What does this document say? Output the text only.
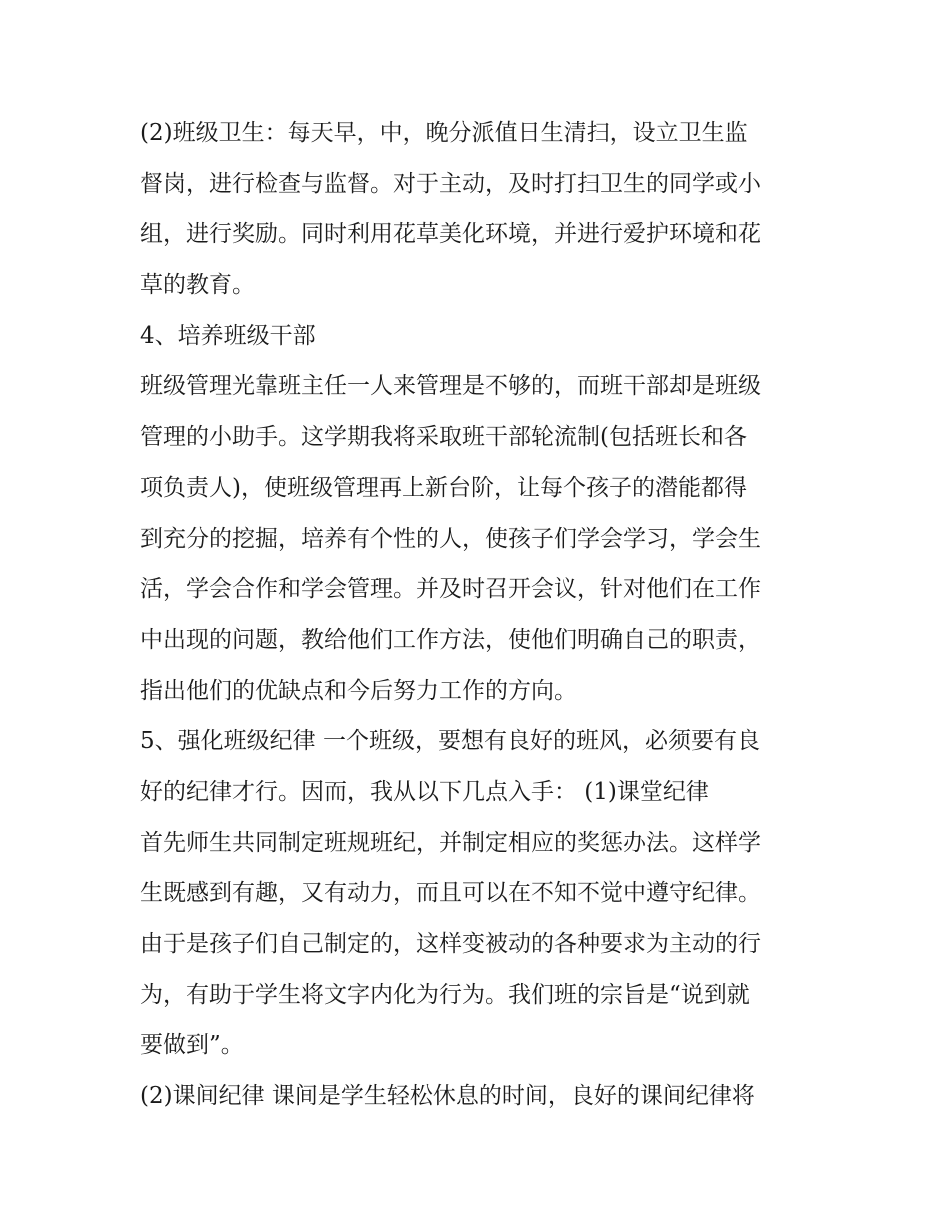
(2)班级卫生：每天早，中，晚分派值日生清扫，设立卫生监
督岗，进行检查与监督。对于主动，及时打扫卫生的同学或小
组，进行奖励。同时利用花草美化环境，并进行爱护环境和花
草的教育。
4、培养班级干部
班级管理光靠班主任一人来管理是不够的，而班干部却是班级
管理的小助手。这学期我将采取班干部轮流制(包括班长和各
项负责人)，使班级管理再上新台阶，让每个孩子的潜能都得
到充分的挖掘，培养有个性的人，使孩子们学会学习，学会生
活，学会合作和学会管理。并及时召开会议，针对他们在工作
中出现的问题，教给他们工作方法，使他们明确自己的职责，
指出他们的优缺点和今后努力工作的方向。
5、强化班级纪律 一个班级，要想有良好的班风，必须要有良
好的纪律才行。因而，我从以下几点入手： (1)课堂纪律
首先师生共同制定班规班纪，并制定相应的奖惩办法。这样学
生既感到有趣，又有动力，而且可以在不知不觉中遵守纪律。
由于是孩子们自己制定的，这样变被动的各种要求为主动的行
为，有助于学生将文字内化为行为。我们班的宗旨是“说到就
要做到”。
(2)课间纪律 课间是学生轻松休息的时间，良好的课间纪律将
